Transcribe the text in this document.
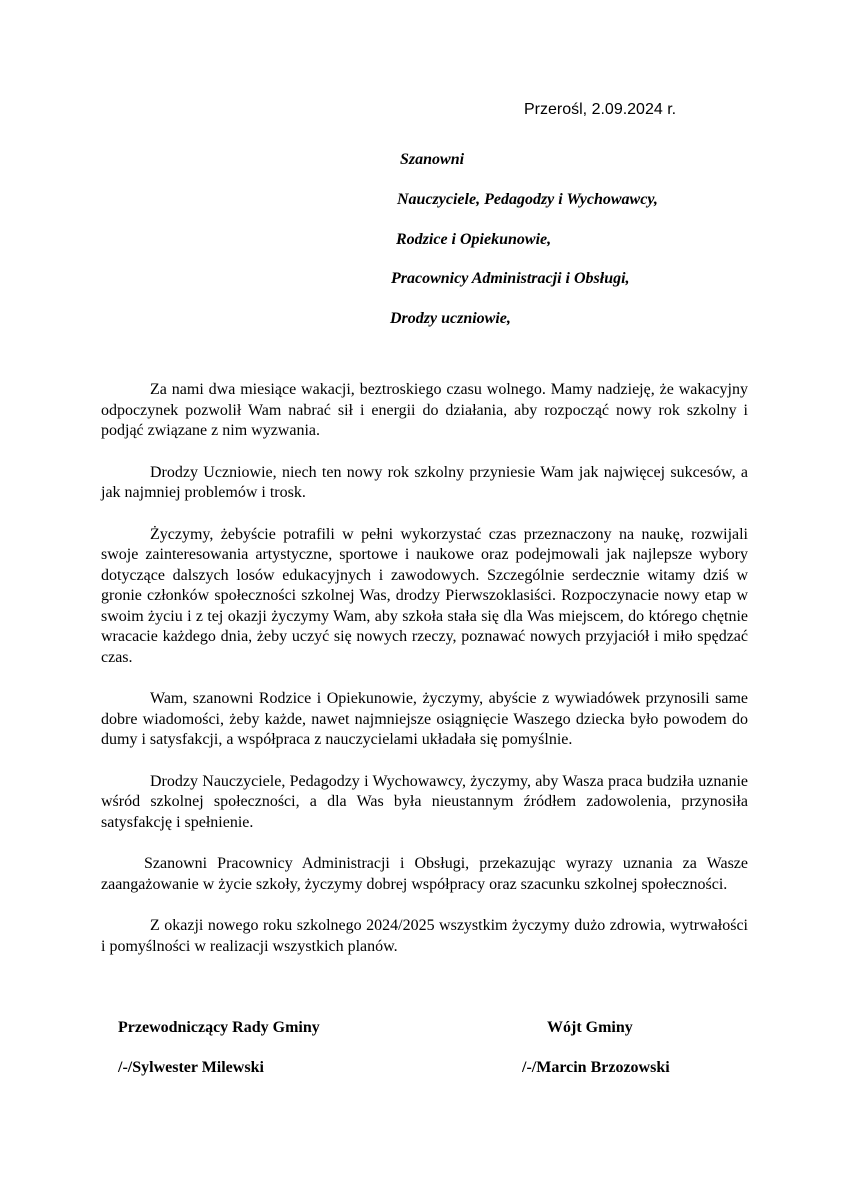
Przerośl, 2.09.2024 r.
Szanowni
Nauczyciele, Pedagodzy i Wychowawcy,
Rodzice i Opiekunowie,
Pracownicy Administracji i Obsługi,
Drodzy uczniowie,

Za nami dwa miesiące wakacji, beztroskiego czasu wolnego. Mamy nadzieję, że wakacyjny odpoczynek pozwolił Wam nabrać sił i energii do działania, aby rozpocząć nowy rok szkolny i podjąć związane z nim wyzwania.

Drodzy Uczniowie, niech ten nowy rok szkolny przyniesie Wam jak najwięcej sukcesów, a jak najmniej problemów i trosk.

Życzymy, żebyście potrafili w pełni wykorzystać czas przeznaczony na naukę, rozwijali swoje zainteresowania artystyczne, sportowe i naukowe oraz podejmowali jak najlepsze wybory dotyczące dalszych losów edukacyjnych i zawodowych. Szczególnie serdecznie witamy dziś w gronie członków społeczności szkolnej Was, drodzy Pierwszoklasiści. Rozpoczynacie nowy etap w swoim życiu i z tej okazji życzymy Wam, aby szkoła stała się dla Was miejscem, do którego chętnie wracacie każdego dnia, żeby uczyć się nowych rzeczy, poznawać nowych przyjaciół i miło spędzać czas.

Wam, szanowni Rodzice i Opiekunowie, życzymy, abyście z wywiadówek przynosili same dobre wiadomości, żeby każde, nawet najmniejsze osiągnięcie Waszego dziecka było powodem do dumy i satysfakcji, a współpraca z nauczycielami układała się pomyślnie.

Drodzy Nauczyciele, Pedagodzy i Wychowawcy, życzymy, aby Wasza praca budziła uznanie wśród szkolnej społeczności, a dla Was była nieustannym źródłem zadowolenia, przynosiła satysfakcję i spełnienie.

Szanowni Pracownicy Administracji i Obsługi, przekazując wyrazy uznania za Wasze zaangażowanie w życie szkoły, życzymy dobrej współpracy oraz szacunku szkolnej społeczności.

Z okazji nowego roku szkolnego 2024/2025 wszystkim życzymy dużo zdrowia, wytrwałości i pomyślności w realizacji wszystkich planów.

Przewodniczący Rady Gminy
/-/Sylwester Milewski
Wójt Gminy
/-/Marcin Brzozowski
